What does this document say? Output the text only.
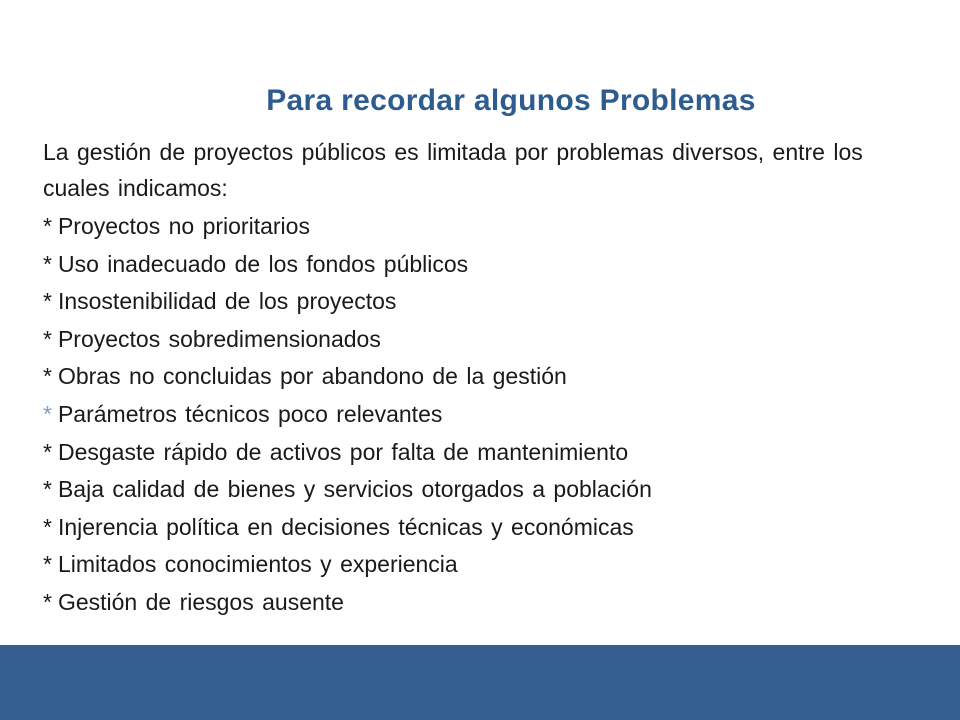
Para recordar algunos Problemas
La gestión de proyectos públicos es limitada por problemas diversos, entre los cuales indicamos:
* Proyectos no prioritarios
* Uso inadecuado de los fondos públicos
* Insostenibilidad de los proyectos
* Proyectos sobredimensionados
* Obras no concluidas por abandono de la gestión
* Parámetros técnicos poco relevantes
* Desgaste rápido de activos por falta de mantenimiento
* Baja calidad de bienes y servicios otorgados a población
* Injerencia política en decisiones técnicas y económicas
* Limitados conocimientos y experiencia
* Gestión de riesgos ausente
